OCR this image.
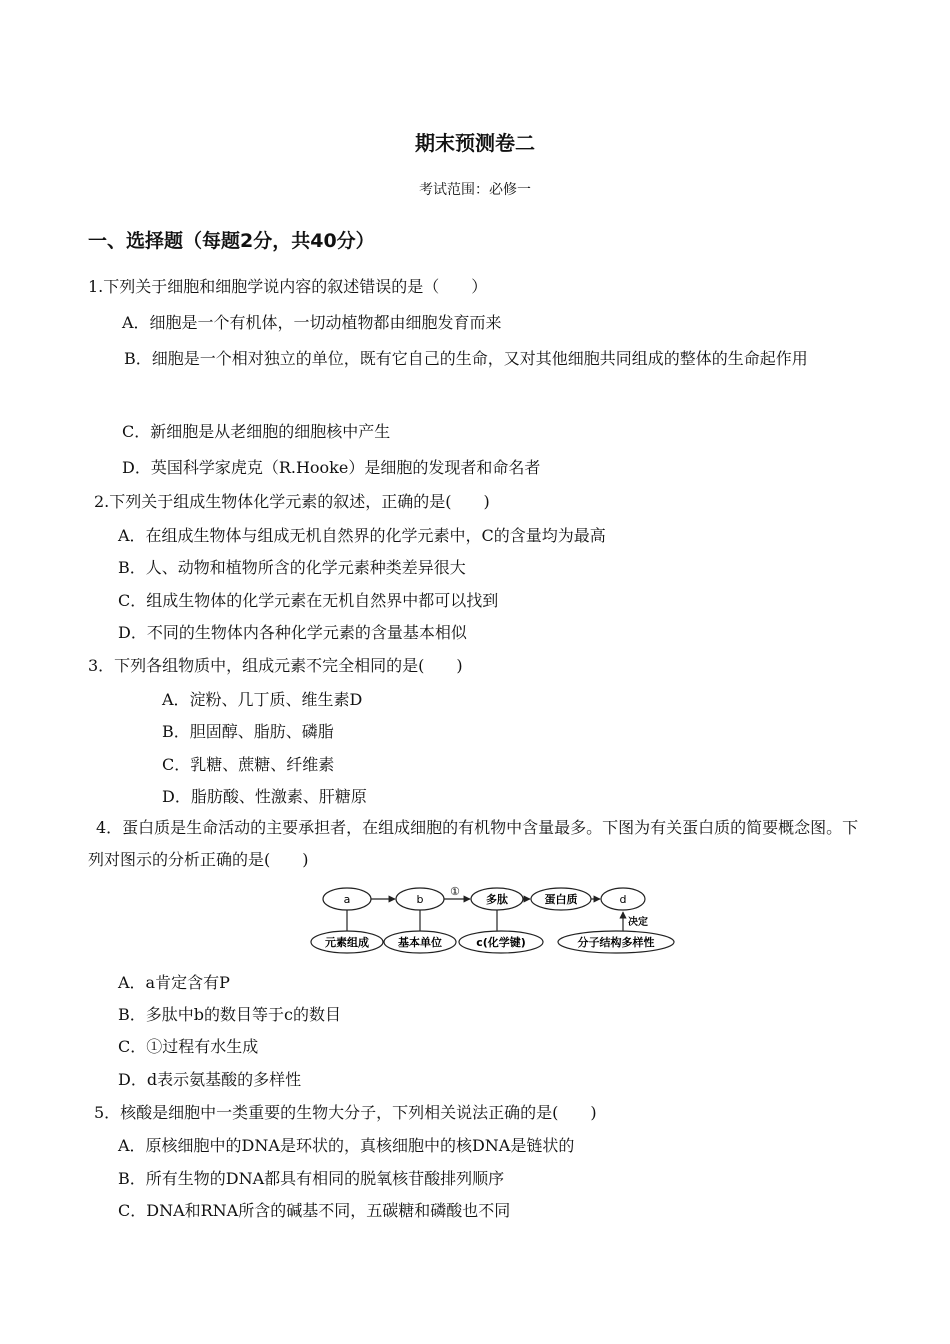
期末预测卷二
考试范围：必修一
一、选择题（每题2分，共40分）
1.下列关于细胞和细胞学说内容的叙述错误的是（　　）
A．细胞是一个有机体，一切动植物都由细胞发育而来
B．细胞是一个相对独立的单位，既有它自己的生命，又对其他细胞共同组成的整体的生命起作用
C．新细胞是从老细胞的细胞核中产生
D．英国科学家虎克（R.Hooke）是细胞的发现者和命名者
2.下列关于组成生物体化学元素的叙述，正确的是(　　)
A．在组成生物体与组成无机自然界的化学元素中，C的含量均为最高
B．人、动物和植物所含的化学元素种类差异很大
C．组成生物体的化学元素在无机自然界中都可以找到
D．不同的生物体内各种化学元素的含量基本相似
3．下列各组物质中，组成元素不完全相同的是(　　)
A．淀粉、几丁质、维生素D
B．胆固醇、脂肪、磷脂
C．乳糖、蔗糖、纤维素
D．脂肪酸、性激素、肝糖原
4．蛋白质是生命活动的主要承担者，在组成细胞的有机物中含量最多。下图为有关蛋白质的简要概念图。下列对图示的分析正确的是(　　)
a	b	多肽	蛋白质	d
①
决定
元素组成	基本单位	c(化学键)	分子结构多样性
A．a肯定含有P
B．多肽中b的数目等于c的数目
C．①过程有水生成
D．d表示氨基酸的多样性
5．核酸是细胞中一类重要的生物大分子，下列相关说法正确的是(　　)
A．原核细胞中的DNA是环状的，真核细胞中的核DNA是链状的
B．所有生物的DNA都具有相同的脱氧核苷酸排列顺序
C．DNA和RNA所含的碱基不同，五碳糖和磷酸也不同
